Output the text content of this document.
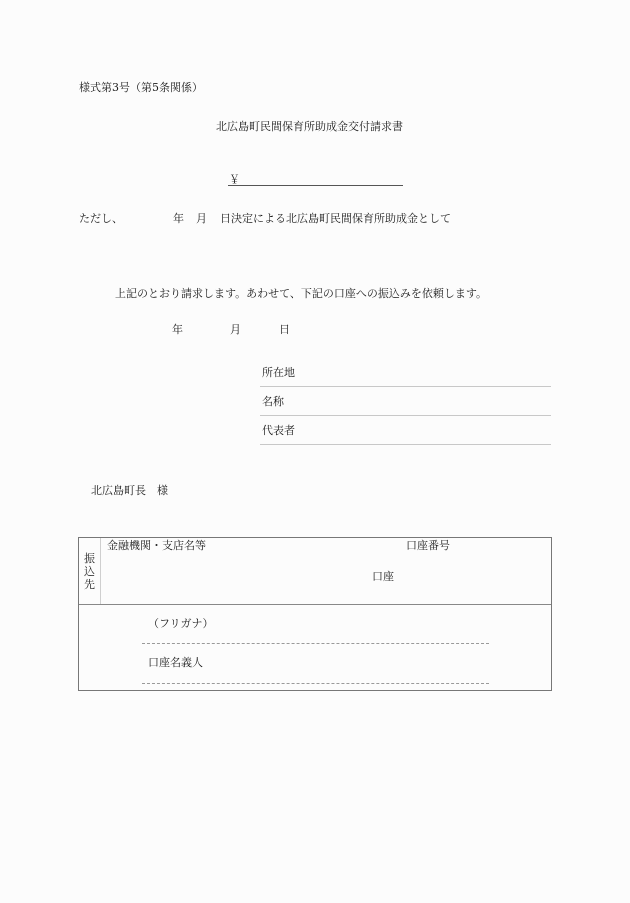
様式第3号（第5条関係）
北広島町民間保育所助成金交付請求書
￥
ただし、	年 月 日決定による北広島町民間保育所助成金として
上記のとおり請求します。あわせて、下記の口座への振込みを依頼します。
年	月	日
所在地
名称
代表者
北広島町長　様
振込先
金融機関・支店名等	口座番号
口座
（フリガナ）
口座名義人
